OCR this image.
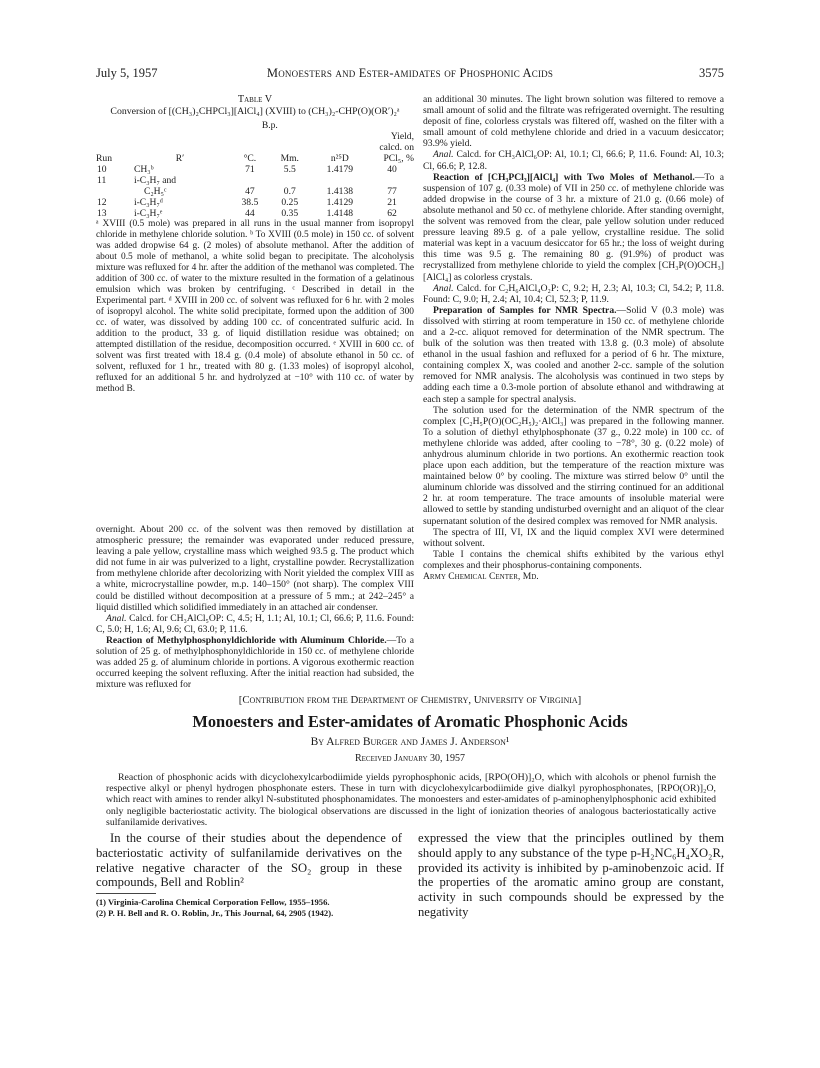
July 5, 1957	Monoesters and Ester-amidates of Phosphonic Acids	3575
Table V
Conversion of [(CH₃)₂CHPCl₃][AlCl₄] (XVIII) to (CH₃)₂-CHP(O)(OR′)₂ᵃ
		B.p.			
Run	R′	°C.	Mm.	n²⁵D	Yield, calcd. on PCl₅, %
10	CH₃ᵇ	71	5.5	1.4179	40
11	i-C₃H₇ and				
	C₂H₅ᶜ	47	0.7	1.4138	77
12	i-C₃H₇ᵈ	38.5	0.25	1.4129	21
13	i-C₃H₇ᵉ	44	0.35	1.4148	62

ᵃ XVIII (0.5 mole) was prepared in all runs in the usual manner from isopropyl chloride in methylene chloride solution. ᵇ To XVIII (0.5 mole) in 150 cc. of solvent was added dropwise 64 g. (2 moles) of absolute methanol. After the addition of about 0.5 mole of methanol, a white solid began to precipitate. The alcoholysis mixture was refluxed for 4 hr. after the addition of the methanol was completed. The addition of 300 cc. of water to the mixture resulted in the formation of a gelatinous emulsion which was broken by centrifuging. ᶜ Described in detail in the Experimental part. ᵈ XVIII in 200 cc. of solvent was refluxed for 6 hr. with 2 moles of isopropyl alcohol. The white solid precipitate, formed upon the addition of 300 cc. of water, was dissolved by adding 100 cc. of concentrated sulfuric acid. In addition to the product, 33 g. of liquid distillation residue was obtained; on attempted distillation of the residue, decomposition occurred. ᵉ XVIII in 600 cc. of solvent was first treated with 18.4 g. (0.4 mole) of absolute ethanol in 50 cc. of solvent, refluxed for 1 hr., treated with 80 g. (1.33 moles) of isopropyl alcohol, refluxed for an additional 5 hr. and hydrolyzed at −10° with 110 cc. of water by method B.

overnight. About 200 cc. of the solvent was then removed by distillation at atmospheric pressure; the remainder was evaporated under reduced pressure, leaving a pale yellow, crystalline mass which weighed 93.5 g. The product which did not fume in air was pulverized to a light, crystalline powder. Recrystallization from methylene chloride after decolorizing with Norit yielded the complex VIII as a white, microcrystalline powder, m.p. 140–150° (not sharp). The complex VIII could be distilled without decomposition at a pressure of 5 mm.; at 242–245° a liquid distilled which solidified immediately in an attached air condenser.

Anal. Calcd. for CH₃AlCl₅OP: C, 4.5; H, 1.1; Al, 10.1; Cl, 66.6; P, 11.6. Found: C, 5.0; H, 1.6; Al, 9.6; Cl, 63.0; P, 11.6.

Reaction of Methylphosphonyldichloride with Aluminum Chloride.—To a solution of 25 g. of methylphosphonyldichloride in 150 cc. of methylene chloride was added 25 g. of aluminum chloride in portions. A vigorous exothermic reaction occurred keeping the solvent refluxing. After the initial reaction had subsided, the mixture was refluxed for

an additional 30 minutes. The light brown solution was filtered to remove a small amount of solid and the filtrate was refrigerated overnight. The resulting deposit of fine, colorless crystals was filtered off, washed on the filter with a small amount of cold methylene chloride and dried in a vacuum desiccator; 93.9% yield.

Anal. Calcd. for CH₃AlCl₆OP: Al, 10.1; Cl, 66.6; P, 11.6. Found: Al, 10.3; Cl, 66.6; P, 12.8.

Reaction of [CH₃PCl₃][AlCl₄] with Two Moles of Methanol.—To a suspension of 107 g. (0.33 mole) of VII in 250 cc. of methylene chloride was added dropwise in the course of 3 hr. a mixture of 21.0 g. (0.66 mole) of absolute methanol and 50 cc. of methylene chloride. After standing overnight, the solvent was removed from the clear, pale yellow solution under reduced pressure leaving 89.5 g. of a pale yellow, crystalline residue. The solid material was kept in a vacuum desiccator for 65 hr.; the loss of weight during this time was 9.5 g. The remaining 80 g. (91.9%) of product was recrystallized from methylene chloride to yield the complex [CH₃P(O)OCH₃][AlCl₄] as colorless crystals.

Anal. Calcd. for C₂H₆AlCl₄O₂P: C, 9.2; H, 2.3; Al, 10.3; Cl, 54.2; P, 11.8. Found: C, 9.0; H, 2.4; Al, 10.4; Cl, 52.3; P, 11.9.

Preparation of Samples for NMR Spectra.—Solid V (0.3 mole) was dissolved with stirring at room temperature in 150 cc. of methylene chloride and a 2-cc. aliquot removed for determination of the NMR spectrum. The bulk of the solution was then treated with 13.8 g. (0.3 mole) of absolute ethanol in the usual fashion and refluxed for a period of 6 hr. The mixture, containing complex X, was cooled and another 2-cc. sample of the solution removed for NMR analysis. The alcoholysis was continued in two steps by adding each time a 0.3-mole portion of absolute ethanol and withdrawing at each step a sample for spectral analysis.

The solution used for the determination of the NMR spectrum of the complex [C₂H₅P(O)(OC₂H₅)₂·AlCl₃] was prepared in the following manner. To a solution of diethyl ethylphosphonate (37 g., 0.22 mole) in 100 cc. of methylene chloride was added, after cooling to −78°, 30 g. (0.22 mole) of anhydrous aluminum chloride in two portions. An exothermic reaction took place upon each addition, but the temperature of the reaction mixture was maintained below 0° by cooling. The mixture was stirred below 0° until the aluminum chloride was dissolved and the stirring continued for an additional 2 hr. at room temperature. The trace amounts of insoluble material were allowed to settle by standing undisturbed overnight and an aliquot of the clear supernatant solution of the desired complex was removed for NMR analysis.

The spectra of III, VI, IX and the liquid complex XVI were determined without solvent.

Table I contains the chemical shifts exhibited by the various ethyl complexes and their phosphorus-containing components.

Army Chemical Center, Md.

[Contribution from the Department of Chemistry, University of Virginia]
Monoesters and Ester-amidates of Aromatic Phosphonic Acids
By Alfred Burger and James J. Anderson¹
Received January 30, 1957

Reaction of phosphonic acids with dicyclohexylcarbodiimide yields pyrophosphonic acids, [RPO(OH)]₂O, which with alcohols or phenol furnish the respective alkyl or phenyl hydrogen phosphonate esters. These in turn with dicyclohexylcarbodiimide give dialkyl pyrophosphonates, [RPO(OR)]₂O, which react with amines to render alkyl N-substituted phosphonamidates. The monoesters and ester-amidates of p-aminophenylphosphonic acid exhibited only negligible bacteriostatic activity. The biological observations are discussed in the light of ionization theories of analogous bacteriostatically active sulfanilamide derivatives.

In the course of their studies about the dependence of bacteriostatic activity of sulfanilamide derivatives on the relative negative character of the SO₂ group in these compounds, Bell and Roblin²

expressed the view that the principles outlined by them should apply to any substance of the type p-H₂NC₆H₄XO₂R, provided its activity is inhibited by p-aminobenzoic acid. If the properties of the aromatic amino group are constant, activity in such compounds should be expressed by the negativity

(1) Virginia-Carolina Chemical Corporation Fellow, 1955–1956.

(2) P. H. Bell and R. O. Roblin, Jr., This Journal, 64, 2905 (1942).
